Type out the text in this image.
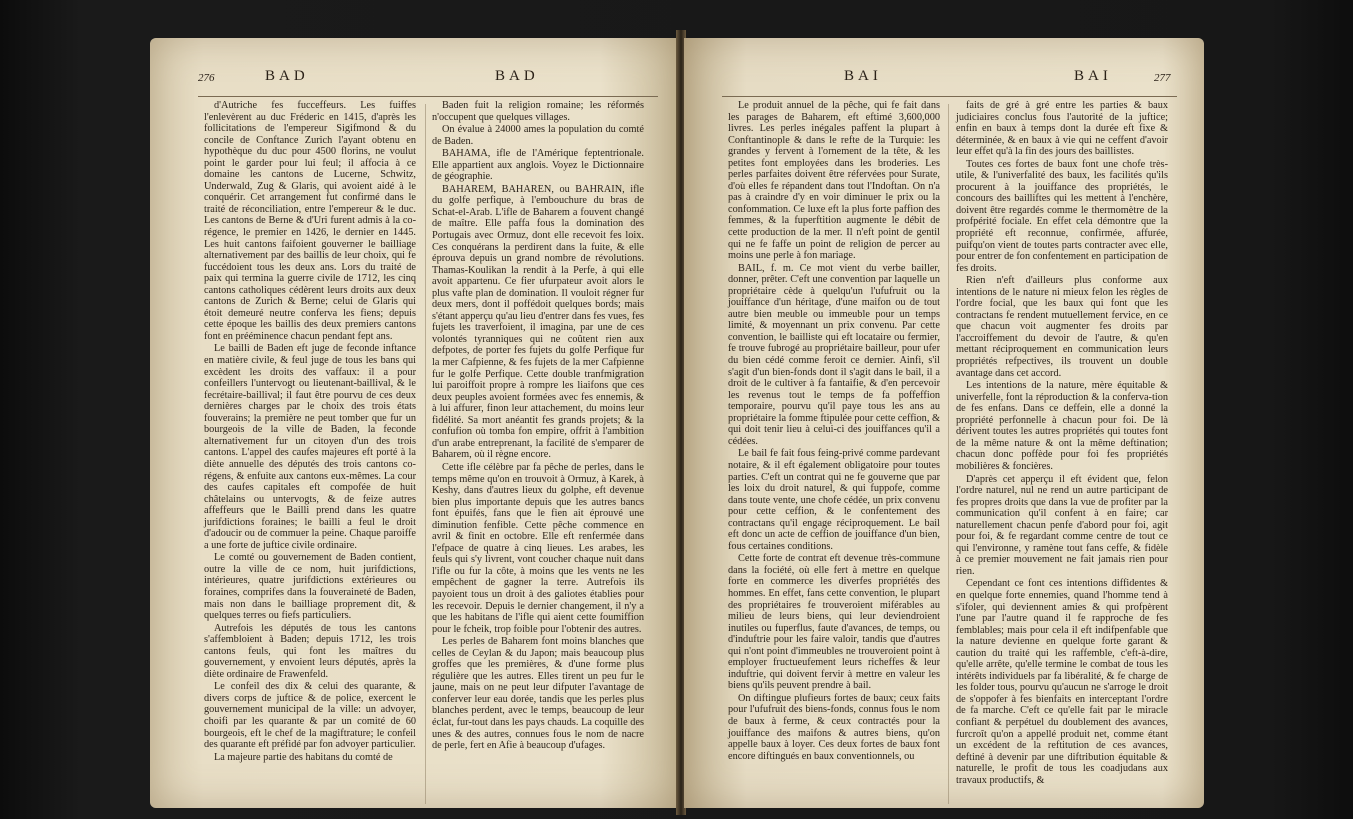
276	BAD	BAD

d'Autriche fes fucceffeurs. Les fuiffes l'enlevèrent au duc Fréderic en 1415, d'après les follicitations de l'empereur Sigifmond & du concile de Conftance Zurich l'ayant obtenu en hypothèque du duc pour 4500 florins, ne voulut point le garder pour lui feul; il affocia à ce domaine les cantons de Lucerne, Schwitz, Underwald, Zug & Glaris, qui avoient aidé à le conquérir. Cet arrangement fut confirmé dans le traité de réconciliation, entre l'empereur & le duc. Les cantons de Berne & d'Uri furent admis à la co-régence, le premier en 1426, le dernier en 1445. Les huit cantons faifoient gouverner le bailliage alternativement par des baillis de leur choix, qui fe fuccédoient tous les deux ans. Lors du traité de paix qui termina la guerre civile de 1712, les cinq cantons catholiques cédèrent leurs droits aux deux cantons de Zurich & Berne; celui de Glaris qui étoit demeuré neutre conferva les fiens; depuis cette époque les baillis des deux premiers cantons font en prééminence chacun pendant fept ans.

Le bailli de Baden eft juge de feconde inftance en matière civile, & feul juge de tous les bans qui excèdent les droits des vaffaux: il a pour confeillers l'untervogt ou lieutenant-baillival, & le fecrétaire-baillival; il faut être pourvu de ces deux dernières charges par le choix des trois états fouverains; la première ne peut tomber que fur un bourgeois de la ville de Baden, la feconde alternativement fur un citoyen d'un des trois cantons. L'appel des caufes majeures eft porté à la diète annuelle des députés des trois cantons co-régens, & enfuite aux cantons eux-mêmes. La cour des caufes capitales eft compofée de huit châtelains ou untervogts, & de feize autres affeffeurs que le Bailli prend dans les quatre jurifdictions foraines; le bailli a feul le droit d'adoucir ou de commuer la peine. Chaque paroiffe a une forte de juftice civile ordinaire.

Le comté ou gouvernement de Baden contient, outre la ville de ce nom, huit jurifdictions, intérieures, quatre jurifdictions extérieures ou foraines, comprifes dans la fouveraineté de Baden, mais non dans le bailliage proprement dit, & quelques terres ou fiefs particuliers.

Autrefois les députés de tous les cantons s'affembloient à Baden; depuis 1712, les trois cantons feuls, qui font les maîtres du gouvernement, y envoient leurs députés, après la diète ordinaire de Frawenfeld.

Le confeil des dix & celui des quarante, & divers corps de juftice & de police, exercent le gouvernement municipal de la ville: un advoyer, choifi par les quarante & par un comité de 60 bourgeois, eft le chef de la magiftrature; le confeil des quarante eft préfidé par fon advoyer particulier.

La majeure partie des habitans du comté de

Baden fuit la religion romaine; les réformés n'occupent que quelques villages.

On évalue à 24000 ames la population du comté de Baden.

BAHAMA, ifle de l'Amérique feptentrionale. Elle appartient aux anglois. Voyez le Dictionnaire de géographie.

BAHAREM, BAHAREN, ou BAHRAIN, ifle du golfe perfique, à l'embouchure du bras de Schat-el-Arab. L'ifle de Baharem a fouvent changé de maître. Elle paffa fous la domination des Portugais avec Ormuz, dont elle recevoit fes loix. Ces conquérans la perdirent dans la fuite, & elle éprouva depuis un grand nombre de révolutions. Thamas-Koulikan la rendit à la Perfe, à qui elle avoit appartenu. Ce fier ufurpateur avoit alors le plus vafte plan de domination. Il vouloit régner fur deux mers, dont il poffédoit quelques bords; mais s'étant apperçu qu'au lieu d'entrer dans fes vues, fes fujets les traverfoient, il imagina, par une de ces volontés tyranniques qui ne coûtent rien aux defpotes, de porter fes fujets du golfe Perfique fur la mer Cafpienne, & fes fujets de la mer Cafpienne fur le golfe Perfique. Cette double tranfmigration lui paroiffoit propre à rompre les liaifons que ces deux peuples avoient formées avec fes ennemis, & à lui affurer, finon leur attachement, du moins leur fidélité. Sa mort anéantit fes grands projets; & la confufion où tomba fon empire, offrit à l'ambition d'un arabe entreprenant, la facilité de s'emparer de Baharem, où il règne encore.

Cette ifle célèbre par fa pêche de perles, dans le temps même qu'on en trouvoit à Ormuz, à Karek, à Keshy, dans d'autres lieux du golphe, eft devenue bien plus importante depuis que les autres bancs font épuifés, fans que le fien ait éprouvé une diminution fenfible. Cette pêche commence en avril & finit en octobre. Elle eft renfermée dans l'efpace de quatre à cinq lieues. Les arabes, les feuls qui s'y livrent, vont coucher chaque nuit dans l'ifle ou fur la côte, à moins que les vents ne les empêchent de gagner la terre. Autrefois ils payoient tous un droit à des galiotes établies pour les recevoir. Depuis le dernier changement, il n'y a que les habitans de l'ifle qui aient cette foumiffion pour le fcheik, trop foible pour l'obtenir des autres.

Les perles de Baharem font moins blanches que celles de Ceylan & du Japon; mais beaucoup plus groffes que les premières, & d'une forme plus régulière que les autres. Elles tirent un peu fur le jaune, mais on ne peut leur difputer l'avantage de conferver leur eau dorée, tandis que les perles plus blanches perdent, avec le temps, beaucoup de leur éclat, fur-tout dans les pays chauds. La coquille des unes & des autres, connues fous le nom de nacre de perle, fert en Afie à beaucoup d'ufages.

BAI	BAI	277

Le produit annuel de la pêche, qui fe fait dans les parages de Baharem, eft eftimé 3,600,000 livres. Les perles inégales paffent la plupart à Conftantinople & dans le refte de la Turquie: les grandes y fervent à l'ornement de la tête, & les petites font employées dans les broderies. Les perles parfaites doivent être réfervées pour Surate, d'où elles fe répandent dans tout l'Indoftan. On n'a pas à craindre d'y en voir diminuer le prix ou la confommation. Ce luxe eft la plus forte paffion des femmes, & la fuperftition augmente le débit de cette production de la mer. Il n'eft point de gentil qui ne fe faffe un point de religion de percer au moins une perle à fon mariage.

BAIL, f. m. Ce mot vient du verbe bailler, donner, prêter. C'eft une convention par laquelle un propriétaire cède à quelqu'un l'ufufruit ou la jouiffance d'un héritage, d'une maifon ou de tout autre bien meuble ou immeuble pour un temps limité, & moyennant un prix convenu. Par cette convention, le bailliste qui eft locataire ou fermier, fe trouve fubrogé au propriétaire bailleur, pour ufer du bien cédé comme feroit ce dernier. Ainfi, s'il s'agit d'un bien-fonds dont il s'agit dans le bail, il a droit de le cultiver à fa fantaifie, & d'en percevoir les revenus tout le temps de fa poffeffion temporaire, pourvu qu'il paye tous les ans au propriétaire la fomme ftipulée pour cette ceffion, & qui doit tenir lieu à celui-ci des jouiffances qu'il a cédées.

Le bail fe fait fous feing-privé comme pardevant notaire, & il eft également obligatoire pour toutes parties. C'eft un contrat qui ne fe gouverne que par les loix du droit naturel, & qui fuppofe, comme dans toute vente, une chofe cédée, un prix convenu pour cette ceffion, & le confentement des contractans qu'il engage réciproquement. Le bail eft donc un acte de ceffion de jouiffance d'un bien, fous certaines conditions.

Cette forte de contrat eft devenue très-commune dans la fociété, où elle fert à mettre en quelque forte en commerce les diverfes propriétés des hommes. En effet, fans cette convention, le plupart des propriétaires fe trouveroient miférables au milieu de leurs biens, qui leur deviendroient inutiles ou fuperflus, faute d'avances, de temps, ou d'induftrie pour les faire valoir, tandis que d'autres qui n'ont point d'immeubles ne trouveroient point à employer fructueufement leurs richeffes & leur induftrie, qui doivent fervir à mettre en valeur les biens qu'ils peuvent prendre à bail.

On diftingue plufieurs fortes de baux; ceux faits pour l'ufufruit des biens-fonds, connus fous le nom de baux à ferme, & ceux contractés pour la jouiffance des maifons & autres biens, qu'on appelle baux à loyer. Ces deux fortes de baux font encore diftingués en baux conventionnels, ou

faits de gré à gré entre les parties & baux judiciaires conclus fous l'autorité de la juftice; enfin en baux à temps dont la durée eft fixe & déterminée, & en baux à vie qui ne ceffent d'avoir leur effet qu'à la fin des jours des baillistes.

Toutes ces fortes de baux font une chofe très-utile, & l'univerfalité des baux, les facilités qu'ils procurent à la jouiffance des propriétés, le concours des bailliftes qui les mettent à l'enchère, doivent être regardés comme le thermomètre de la profpérité fociale. En effet cela démontre que la propriété eft reconnue, confirmée, affurée, puifqu'on vient de toutes parts contracter avec elle, pour entrer de fon confentement en participation de fes droits.

Rien n'eft d'ailleurs plus conforme aux intentions de le nature ni mieux felon les règles de l'ordre focial, que les baux qui font que les contractans fe rendent mutuellement fervice, en ce que chacun voit augmenter fes droits par l'accroiffement du devoir de l'autre, & qu'en mettant réciproquement en communication leurs propriétés refpectives, ils trouvent un double avantage dans cet accord.

Les intentions de la nature, mère équitable & univerfelle, font la réproduction & la conferva-tion de fes enfans. Dans ce deffein, elle a donné la propriété perfonnelle à chacun pour foi. De là dérivent toutes les autres propriétés qui toutes font de la même nature & ont la même deftination; chacun donc poffède pour foi fes propriétés mobilières & foncières.

D'après cet apperçu il eft évident que, felon l'ordre naturel, nul ne rend un autre participant de fes propres droits que dans la vue de profiter par la communication qu'il confent à en faire; car naturellement chacun penfe d'abord pour foi, agit pour foi, & fe regardant comme centre de tout ce qui l'environne, y ramène tout fans ceffe, & fidèle à ce premier mouvement ne fait jamais rien pour rien.

Cependant ce font ces intentions diffidentes & en quelque forte ennemies, quand l'homme tend à s'ifoler, qui deviennent amies & qui profpèrent l'une par l'autre quand il fe rapproche de fes femblables; mais pour cela il eft indifpenfable que la nature devienne en quelque forte garant & caution du traité qui les raffemble, c'eft-à-dire, qu'elle arrête, qu'elle termine le combat de tous les intérêts individuels par fa libéralité, & fe charge de les folder tous, pourvu qu'aucun ne s'arroge le droit de s'oppofer à fes bienfaits en interceptant l'ordre de fa marche. C'eft ce qu'elle fait par le miracle confiant & perpétuel du doublement des avances, furcroît qu'on a appellé produit net, comme étant un excédent de la reftitution de ces avances, deftiné à devenir par une diftribution équitable & naturelle, le profit de tous les coadjudans aux travaux productifs, &
